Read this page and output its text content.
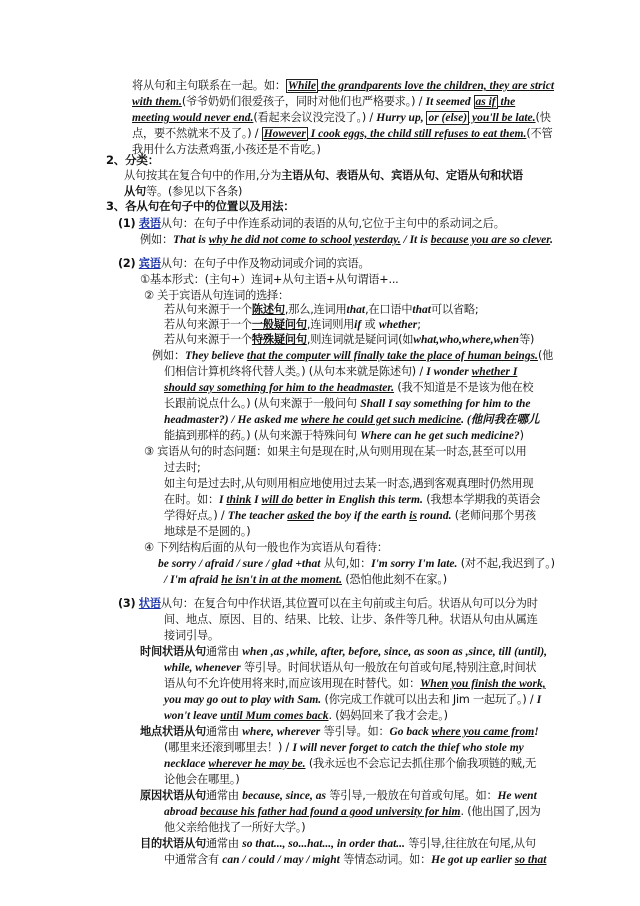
将从句和主句联系在一起。如： While the grandparents love the children, they are strict
with them.(爷爷奶奶们很爱孩子，同时对他们也严格要求。) / It seemed as if the
meeting would never end.(看起来会议没完没了。) / Hurry up, or (else) you'll be late.(快
点，要不然就来不及了。) / However I cook eggs, the child still refuses to eat them.(不管
我用什么方法煮鸡蛋,小孩还是不肯吃。)
2、分类：
从句按其在复合句中的作用,分为主语从句、表语从句、宾语从句、定语从句和状语
从句等。(参见以下各条)
3、各从句在句子中的位置以及用法：
(1) 表语从句：在句子中作连系动词的表语的从句,它位于主句中的系动词之后。
例如：That is why he did not come to school yesterday. / It is because you are so clever.
(2) 宾语从句：在句子中作及物动词或介词的宾语。
①基本形式：(主句+）连词+从句主语+从句谓语+...
② 关于宾语从句连词的选择：
若从句来源于一个陈述句,那么,连词用that,在口语中that可以省略;
若从句来源于一个一般疑问句,连词则用if 或 whether;
若从句来源于一个特殊疑问句,则连词就是疑问词(如what,who,where,when等)
例如：They believe that the computer will finally take the place of human beings.(他
们相信计算机终将代替人类。) (从句本来就是陈述句) / I wonder whether I
should say something for him to the headmaster. (我不知道是不是该为他在校
长跟前说点什么。) (从句来源于一般问句 Shall I say something for him to the
headmaster?) / He asked me where he could get such medicine. (他问我在哪儿
能搞到那样的药。) (从句来源于特殊问句 Where can he get such medicine?)
③ 宾语从句的时态问题：如果主句是现在时,从句则用现在某一时态,甚至可以用
过去时;
如主句是过去时,从句则用相应地使用过去某一时态,遇到客观真理时仍然用现
在时。如：I think I will do better in English this term. (我想本学期我的英语会
学得好点。) / The teacher asked the boy if the earth is round. (老师问那个男孩
地球是不是圆的。)
④ 下列结构后面的从句一般也作为宾语从句看待：
be sorry / afraid / sure / glad +that 从句,如：I'm sorry I'm late. (对不起,我迟到了。)
/ I'm afraid he isn't in at the moment. (恐怕他此刻不在家。)
(3) 状语从句：在复合句中作状语,其位置可以在主句前或主句后。状语从句可以分为时
间、地点、原因、目的、结果、比较、让步、条件等几种。状语从句由从属连
接词引导。
时间状语从句通常由 when ,as ,while, after, before, since, as soon as ,since, till (until),
while, whenever 等引导。时间状语从句一般放在句首或句尾,特别注意,时间状
语从句不允许使用将来时,而应该用现在时替代。如：When you finish the work,
you may go out to play with Sam. (你完成工作就可以出去和 Jim 一起玩了。) / I
won't leave until Mum comes back. (妈妈回来了我才会走。)
地点状语从句通常由 where, wherever 等引导。如：Go back where you came from!
(哪里来还滚到哪里去！) / I will never forget to catch the thief who stole my
necklace wherever he may be. (我永远也不会忘记去抓住那个偷我项链的贼,无
论他会在哪里。)
原因状语从句通常由 because, since, as 等引导,一般放在句首或句尾。如：He went
abroad because his father had found a good university for him. (他出国了,因为
他父亲给他找了一所好大学。)
目的状语从句通常由 so that..., so...hat..., in order that... 等引导,往往放在句尾,从句
中通常含有 can / could / may / might 等情态动词。如：He got up earlier so that
